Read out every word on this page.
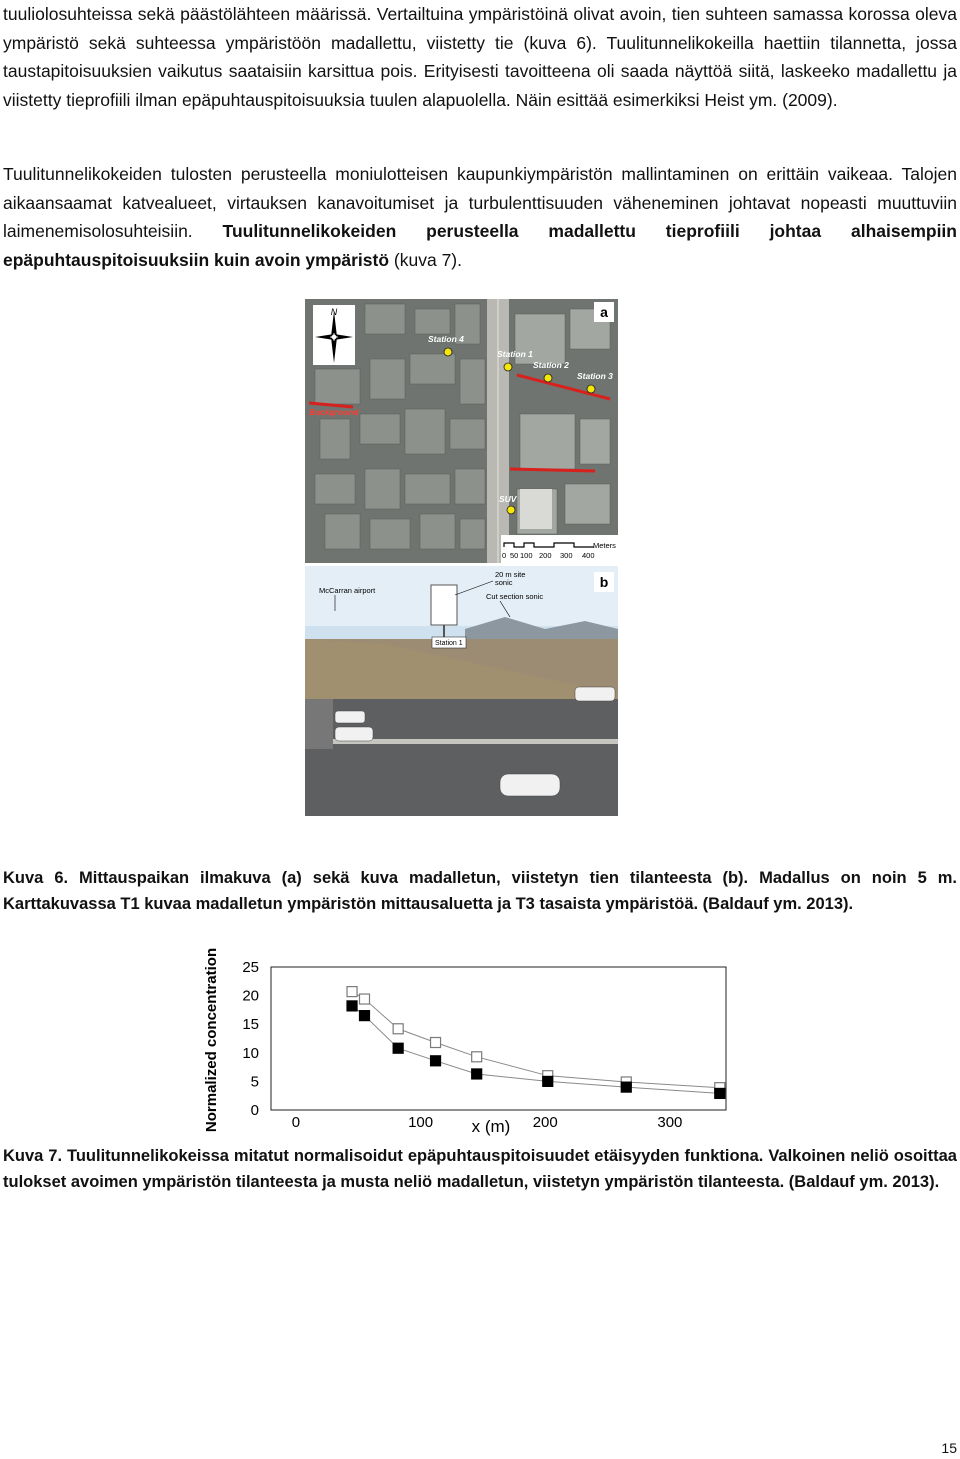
tuuliolosuhteissa sekä päästölähteen määrissä. Vertailtuina ympäristöinä olivat avoin, tien suhteen samassa korossa oleva ympäristö sekä suhteessa ympäristöön madallettu, viistetty tie (kuva 6). Tuulitunnelikokeilla haettiin tilannetta, jossa taustapitoisuuksien vaikutus saataisiin karsittua pois. Erityisesti tavoitteena oli saada näyttöä siitä, laskeeko madallettu ja viistetty tieprofiili ilman epäpuhtauspitoisuuksia tuulen alapuolella. Näin esittää esimerkiksi Heist ym. (2009).

Tuulitunnelikokeiden tulosten perusteella moniulotteisen kaupunkiympäristön mallintaminen on erittäin vaikeaa. Talojen aikaansaamat katvealueet, virtauksen kanavoitumiset ja turbulenttisuuden väheneminen johtavat nopeasti muuttuviin laimenemisolosuhteisiin. Tuulitunnelikokeiden perusteella madallettu tieprofiili johtaa alhaisempiin epäpuhtauspitoisuuksiin kuin avoin ympäristö (kuva 7).

N	a
Station 4
Station 1
Station 2
Station 3
Background
SUV
0 50 100 200 300 400
Meters
McCarran airport
20 m site
sonic
Cut section sonic
Station 1
b

Kuva 6. Mittauspaikan ilmakuva (a) sekä kuva madalletun, viistetyn tien tilanteesta (b). Madallus on noin 5 m. Karttakuvassa T1 kuvaa madalletun ympäristön mittausaluetta ja T3 tasaista ympäristöä. (Baldauf ym. 2013).

Normalized concentration 0
5
10
15
20
25
0	100	200	300
x (m)

Kuva 7. Tuulitunnelikokeissa mitatut normalisoidut epäpuhtauspitoisuudet etäisyyden funktiona. Valkoinen neliö osoittaa tulokset avoimen ympäristön tilanteesta ja musta neliö madalletun, viistetyn ympäristön tilanteesta. (Baldauf ym. 2013).

15
